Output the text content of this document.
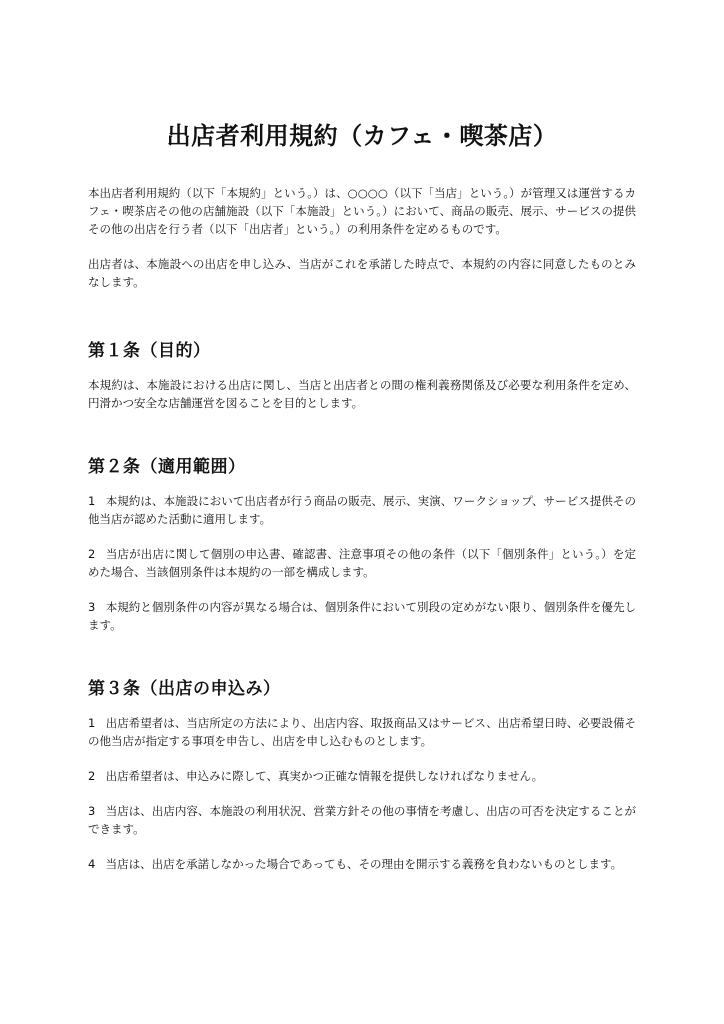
出店者利用規約（カフェ・喫茶店）

本出店者利用規約（以下「本規約」という。）は、○○○○（以下「当店」という。）が管理又は運営するカフェ・喫茶店その他の店舗施設（以下「本施設」という。）において、商品の販売、展示、サービスの提供その他の出店を行う者（以下「出店者」という。）の利用条件を定めるものです。

出店者は、本施設への出店を申し込み、当店がこれを承諾した時点で、本規約の内容に同意したものとみなします。

第１条（目的）

本規約は、本施設における出店に関し、当店と出店者との間の権利義務関係及び必要な利用条件を定め、円滑かつ安全な店舗運営を図ることを目的とします。

第２条（適用範囲）

1 本規約は、本施設において出店者が行う商品の販売、展示、実演、ワークショップ、サービス提供その他当店が認めた活動に適用します。

2 当店が出店に関して個別の申込書、確認書、注意事項その他の条件（以下「個別条件」という。）を定めた場合、当該個別条件は本規約の一部を構成します。

3 本規約と個別条件の内容が異なる場合は、個別条件において別段の定めがない限り、個別条件を優先します。

第３条（出店の申込み）

1 出店希望者は、当店所定の方法により、出店内容、取扱商品又はサービス、出店希望日時、必要設備その他当店が指定する事項を申告し、出店を申し込むものとします。

2 出店希望者は、申込みに際して、真実かつ正確な情報を提供しなければなりません。

3 当店は、出店内容、本施設の利用状況、営業方針その他の事情を考慮し、出店の可否を決定することができます。

4 当店は、出店を承諾しなかった場合であっても、その理由を開示する義務を負わないものとします。
